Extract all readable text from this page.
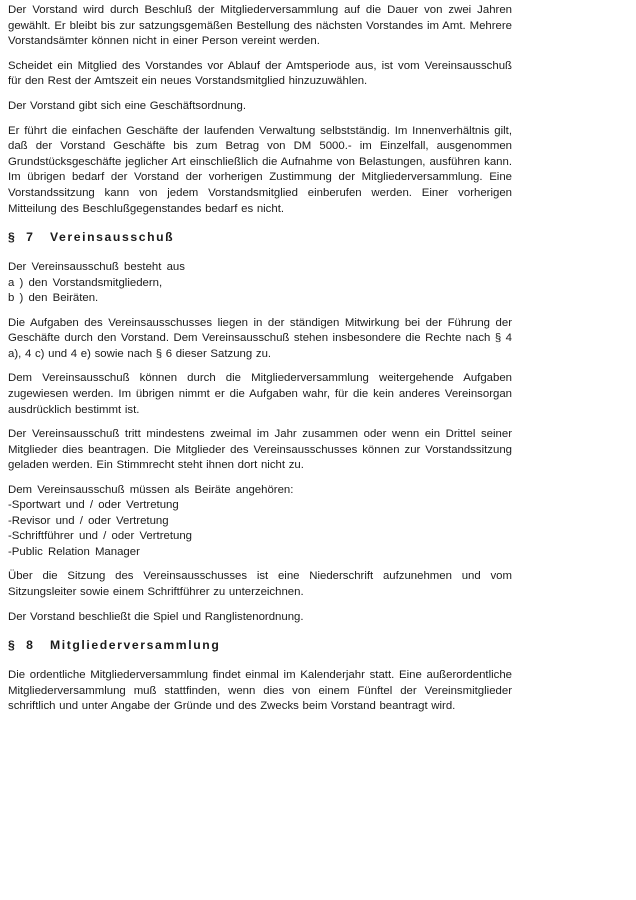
Der Vorstand wird durch Beschluß der Mitgliederversammlung auf die Dauer von zwei Jahren gewählt. Er bleibt bis zur satzungsgemäßen Bestellung des nächsten Vorstandes im Amt. Mehrere Vorstandsämter können nicht in einer Person vereint werden.

Scheidet ein Mitglied des Vorstandes vor Ablauf der Amtsperiode aus, ist vom Vereinsausschuß für den Rest der Amtszeit ein neues Vorstandsmitglied hinzuzuwählen.

Der Vorstand gibt sich eine Geschäftsordnung.

Er führt die einfachen Geschäfte der laufenden Verwaltung selbstständig. Im Innenverhältnis gilt, daß der Vorstand Geschäfte bis zum Betrag von DM 5000.- im Einzelfall, ausgenommen Grundstücksgeschäfte jeglicher Art einschließlich die Aufnahme von Belastungen, ausführen kann. Im übrigen bedarf der Vorstand der vorherigen Zustimmung der Mitgliederversammlung. Eine Vorstandssitzung kann von jedem Vorstandsmitglied einberufen werden. Einer vorherigen Mitteilung des Beschlußgegenstandes bedarf es nicht.

§ 7 Vereinsausschuß
Der Vereinsausschuß besteht aus
a ) den Vorstandsmitgliedern,
b ) den Beiräten.

Die Aufgaben des Vereinsausschusses liegen in der ständigen Mitwirkung bei der Führung der Geschäfte durch den Vorstand. Dem Vereinsausschuß stehen insbesondere die Rechte nach § 4 a), 4 c) und 4 e) sowie nach § 6 dieser Satzung zu.

Dem Vereinsausschuß können durch die Mitgliederversammlung weitergehende Aufgaben zugewiesen werden. Im übrigen nimmt er die Aufgaben wahr, für die kein anderes Vereinsorgan ausdrücklich bestimmt ist.

Der Vereinsausschuß tritt mindestens zweimal im Jahr zusammen oder wenn ein Drittel seiner Mitglieder dies beantragen. Die Mitglieder des Vereinsausschusses können zur Vorstandssitzung geladen werden. Ein Stimmrecht steht ihnen dort nicht zu.

Dem Vereinsausschuß müssen als Beiräte angehören:
-Sportwart und / oder Vertretung
-Revisor und / oder Vertretung
-Schriftführer und / oder Vertretung
-Public Relation Manager

Über die Sitzung des Vereinsausschusses ist eine Niederschrift aufzunehmen und vom Sitzungsleiter sowie einem Schriftführer zu unterzeichnen.

Der Vorstand beschließt die Spiel und Ranglistenordnung.

§ 8 Mitgliederversammlung

Die ordentliche Mitgliederversammlung findet einmal im Kalenderjahr statt. Eine außerordentliche Mitgliederversammlung muß stattfinden, wenn dies von einem Fünftel der Vereinsmitglieder schriftlich und unter Angabe der Gründe und des Zwecks beim Vorstand beantragt wird.
